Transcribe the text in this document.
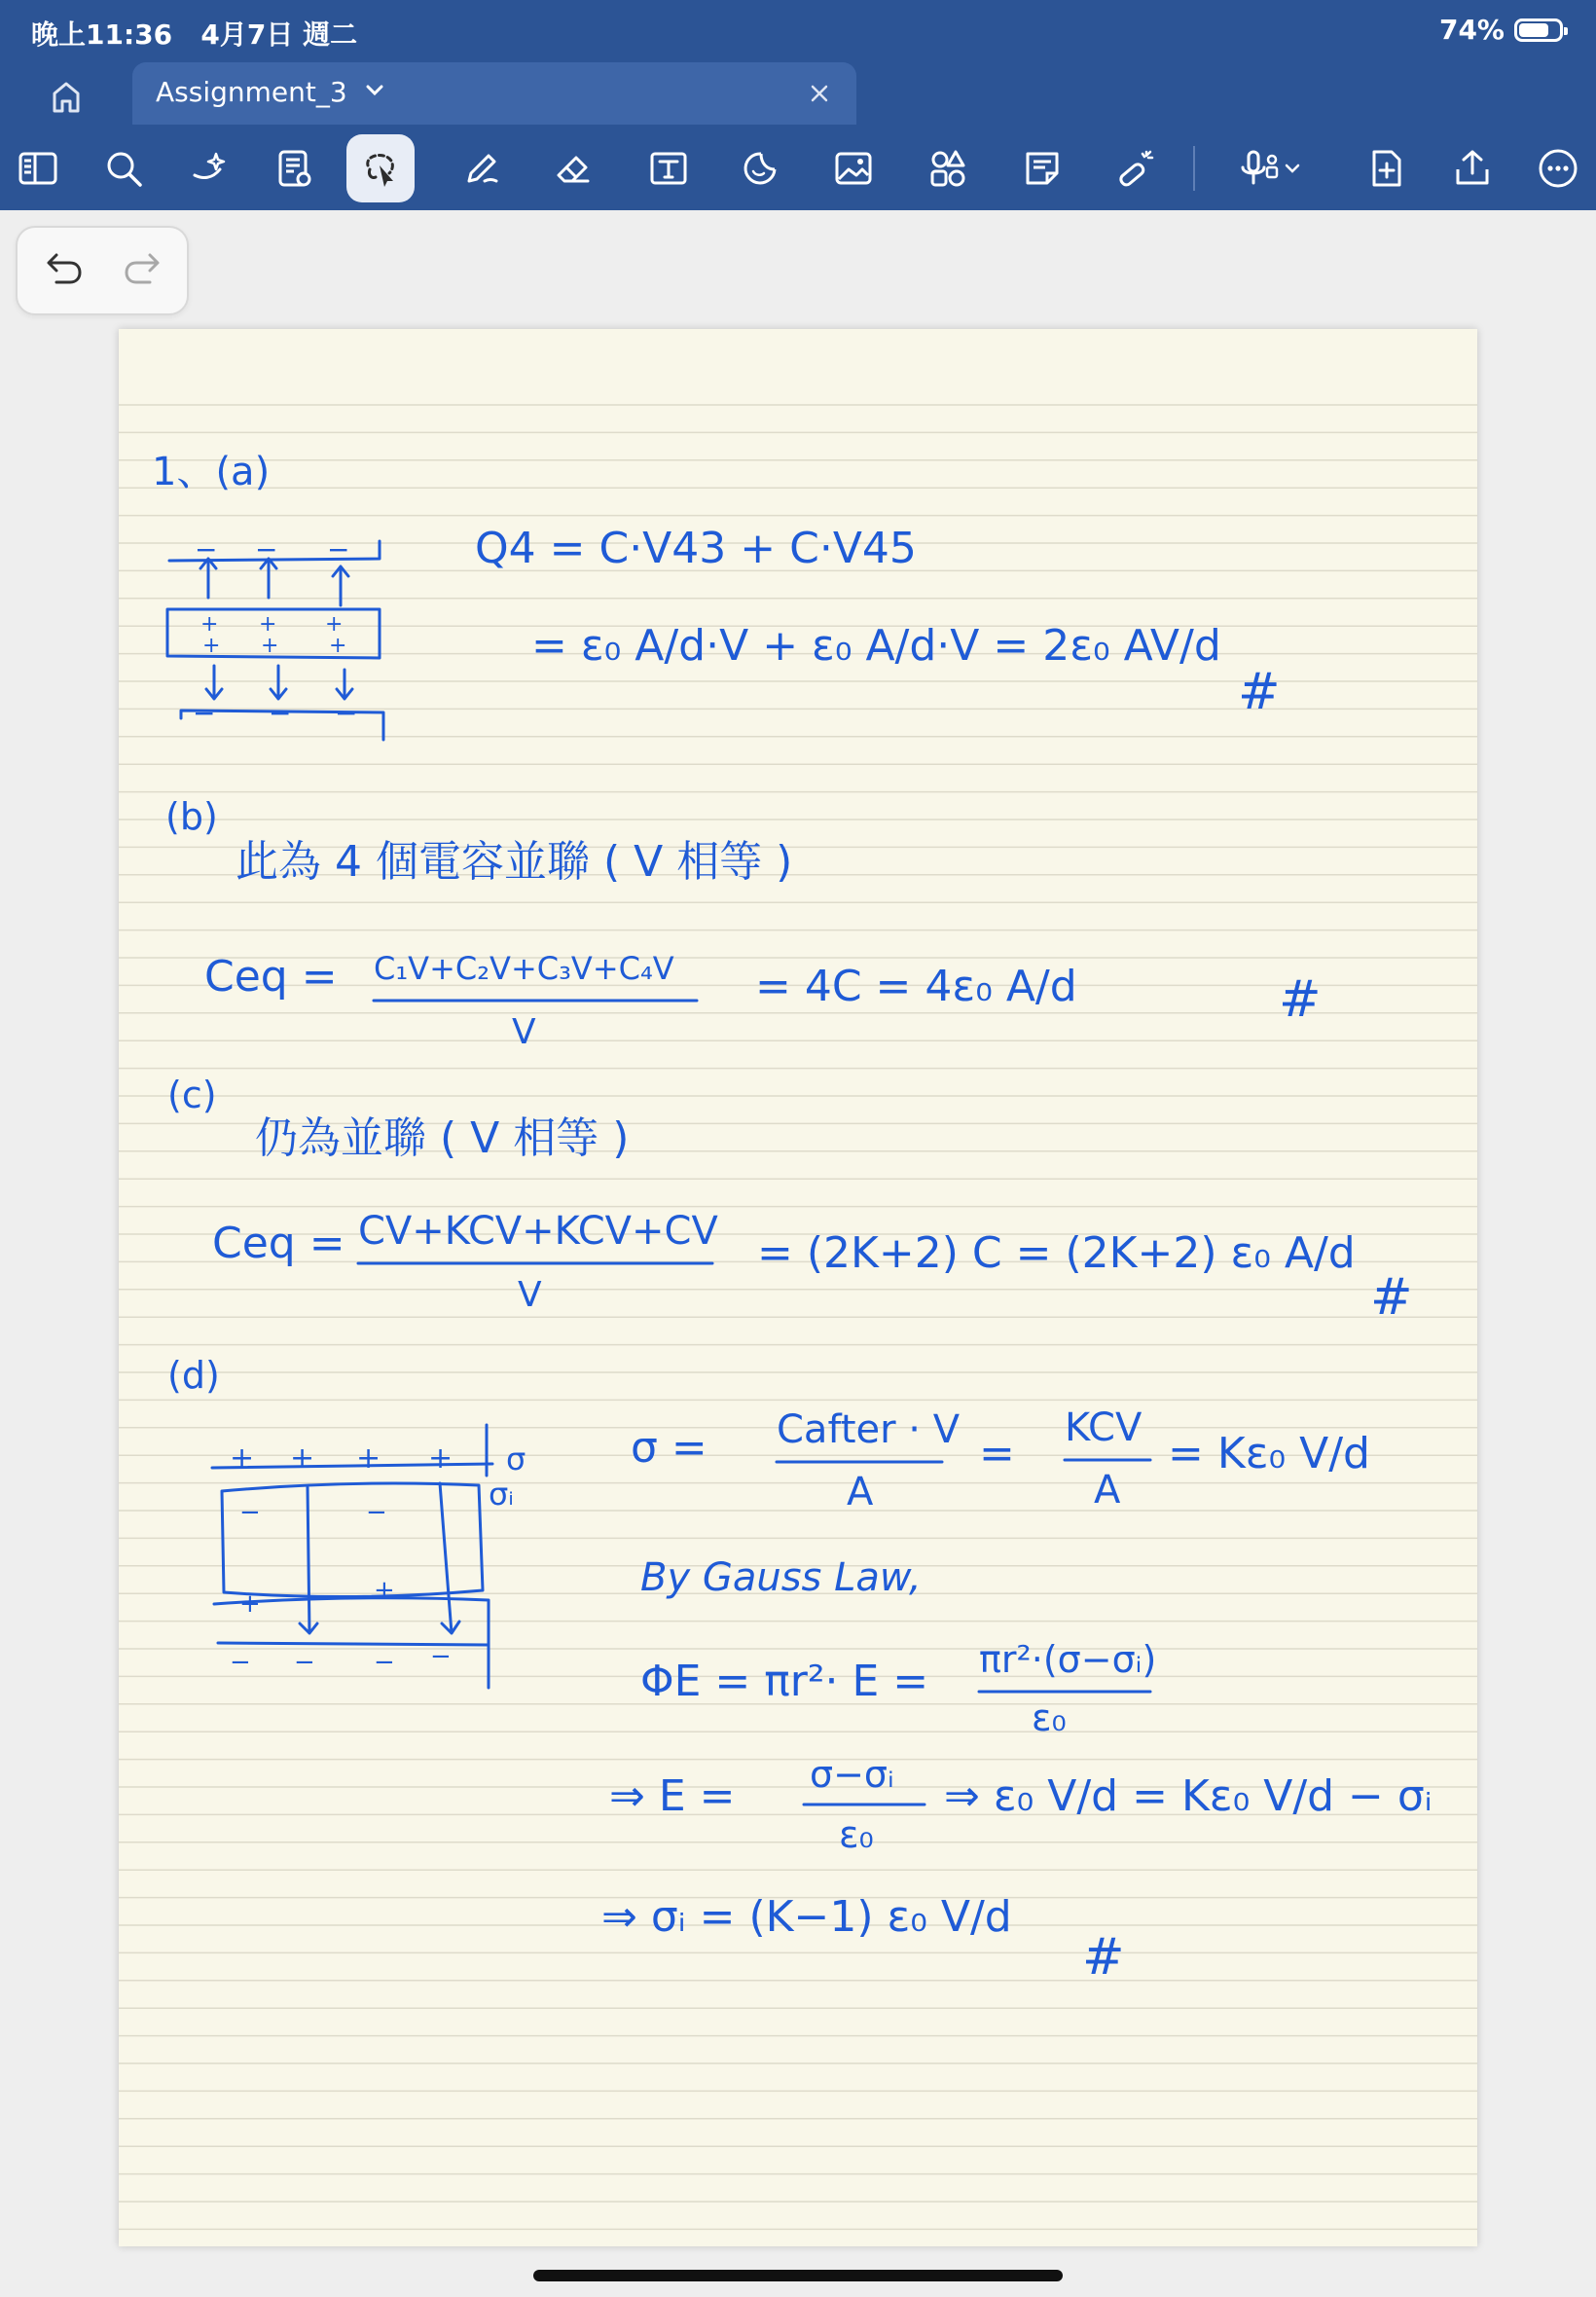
晚上11:36 4月7日 週二	74%
Assignment_3
1、(a)
− − −
+ + +
+ + +
− − −
Q4 = C·V43 + C·V45
= ε₀ A/d·V + ε₀ A/d·V = 2ε₀ AV/d
#
(b)
此為 4 個電容並聯 ( V 相等 )
Ceq = C₁V+C₂V+C₃V+C₄V
V
= 4C = 4ε₀ A/d	#
(c)
仍為並聯 ( V 相等 )
Ceq = CV+KCV+KCV+CV
V
= (2K+2) C = (2K+2) ε₀ A/d
#
(d)
+ + + +
−	−
+	+
− − − −
σ
σᵢ
σ = Cafter · V
A
=
KCV
A
= Kε₀ V/d
By Gauss Law,
ΦE = πr²· E = πr²·(σ−σᵢ)
ε₀
⇒ E = σ−σᵢ
ε₀
⇒ ε₀ V/d = Kε₀ V/d − σᵢ
⇒ σᵢ = (K−1) ε₀ V/d
#
